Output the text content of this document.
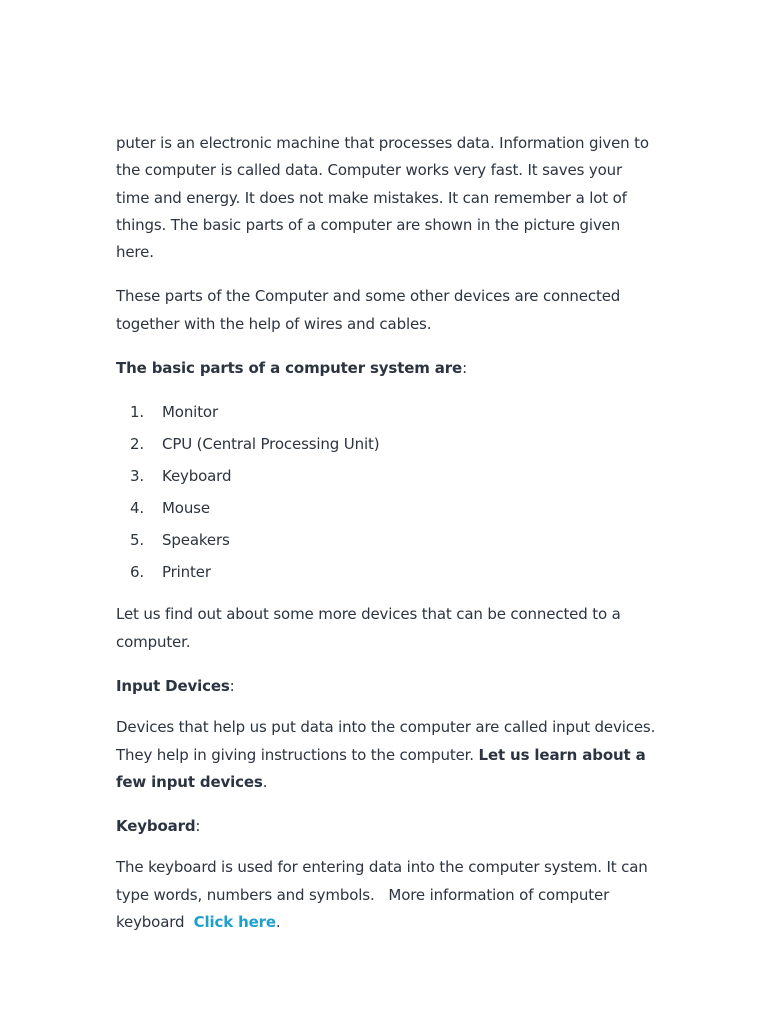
puter is an electronic machine that processes data. Information given to the computer is called data. Computer works very fast. It saves your time and energy. It does not make mistakes. It can remember a lot of things. The basic parts of a computer are shown in the picture given here.

These parts of the Computer and some other devices are connected together with the help of wires and cables.

The basic parts of a computer system are:

1. Monitor
2. CPU (Central Processing Unit)
3. Keyboard
4. Mouse
5. Speakers
6. Printer

Let us find out about some more devices that can be connected to a computer.

Input Devices:

Devices that help us put data into the computer are called input devices. They help in giving instructions to the computer. Let us learn about a few input devices.

Keyboard:

The keyboard is used for entering data into the computer system. It can type words, numbers and symbols.   More information of computer keyboard  Click here.
